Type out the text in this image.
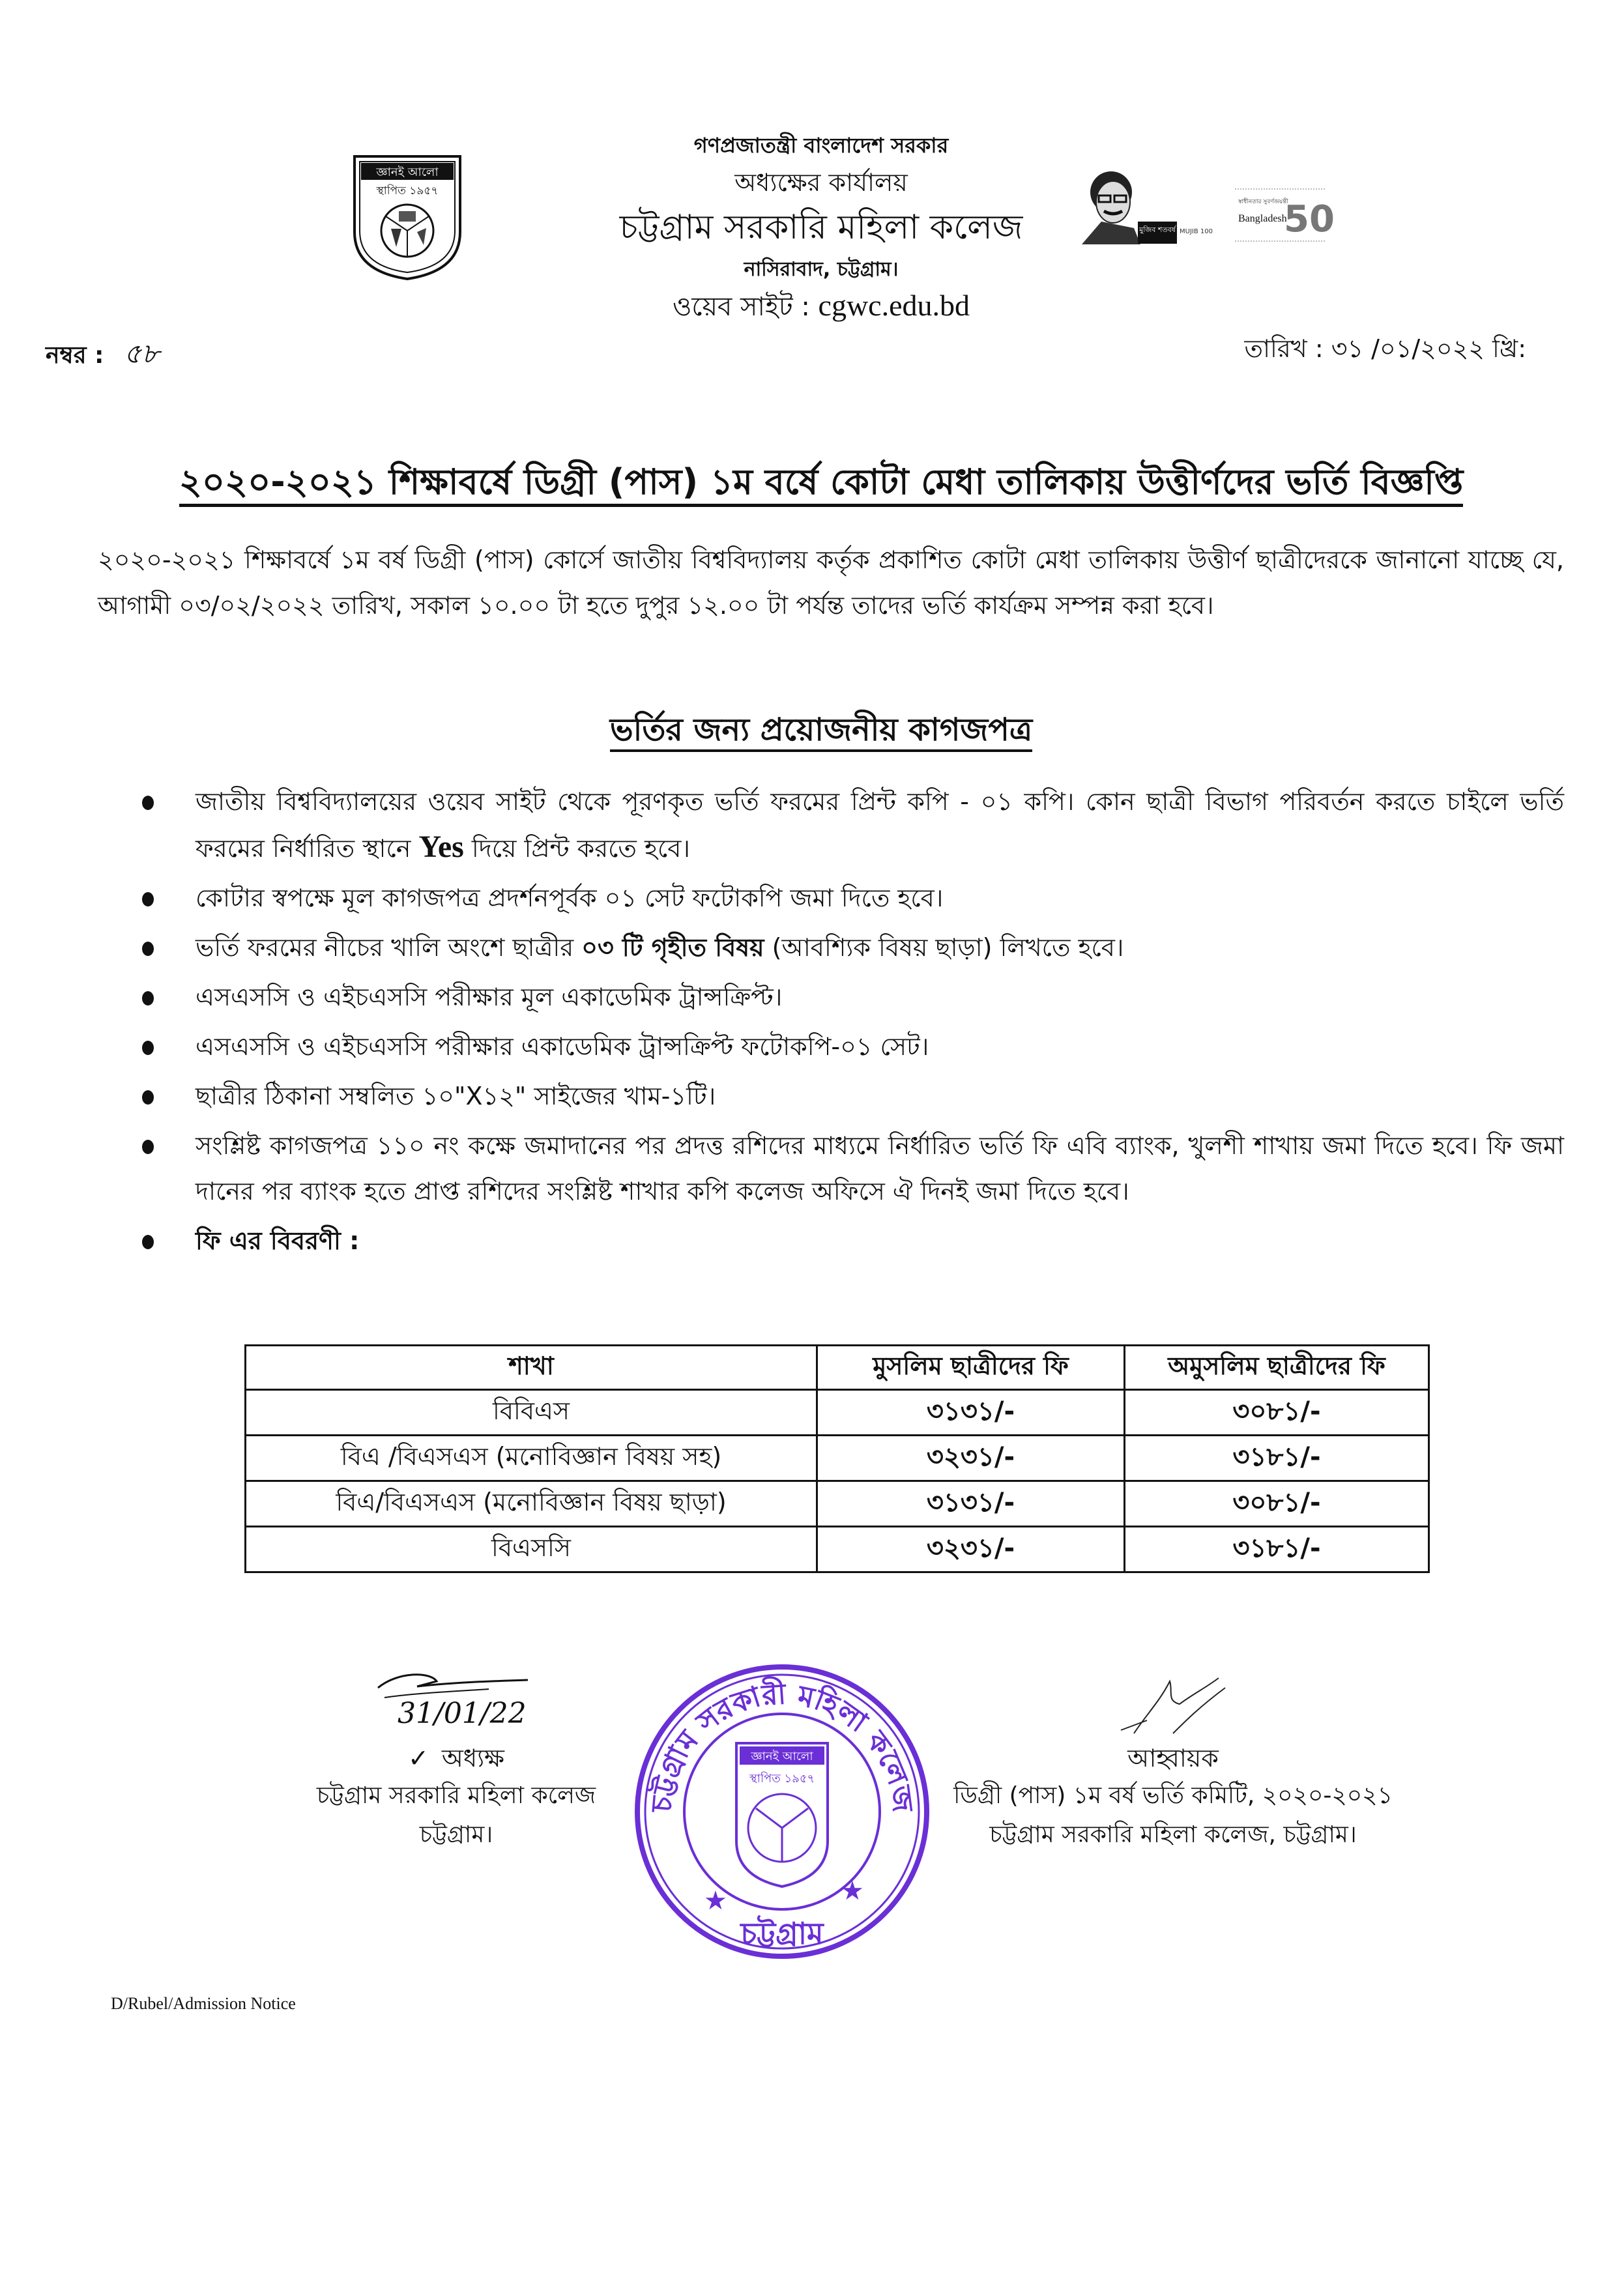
জ্ঞানই আলো
স্থাপিত ১৯৫৭
গণপ্রজাতন্ত্রী বাংলাদেশ সরকার
অধ্যক্ষের কার্যালয়
চট্টগ্রাম সরকারি মহিলা কলেজ
নাসিরাবাদ, চট্টগ্রাম।
ওয়েব সাইট : cgwc.edu.bd
মুজিব শতবর্ষ MUJIB 100
স্বাধীনতার সুবর্ণজয়ন্তী
Bangladesh
50
নম্বর : ৫৮	তারিখ : ৩১ /০১/২০২২ খ্রি:
২০২০-২০২১ শিক্ষাবর্ষে ডিগ্রী (পাস) ১ম বর্ষে কোটা মেধা তালিকায় উত্তীর্ণদের ভর্তি বিজ্ঞপ্তি
২০২০-২০২১ শিক্ষাবর্ষে ১ম বর্ষ ডিগ্রী (পাস) কোর্সে জাতীয় বিশ্ববিদ্যালয় কর্তৃক প্রকাশিত কোটা মেধা তালিকায় উত্তীর্ণ ছাত্রীদেরকে জানানো যাচ্ছে যে, আগামী ০৩/০২/২০২২ তারিখ, সকাল ১০.০০ টা হতে দুপুর ১২.০০ টা পর্যন্ত তাদের ভর্তি কার্যক্রম সম্পন্ন করা হবে।
ভর্তির জন্য প্রয়োজনীয় কাগজপত্র
জাতীয় বিশ্ববিদ্যালয়ের ওয়েব সাইট থেকে পূরণকৃত ভর্তি ফরমের প্রিন্ট কপি - ০১ কপি। কোন ছাত্রী বিভাগ পরিবর্তন করতে চাইলে ভর্তি ফরমের নির্ধারিত স্থানে Yes দিয়ে প্রিন্ট করতে হবে।
কোটার স্বপক্ষে মূল কাগজপত্র প্রদর্শনপূর্বক ০১ সেট ফটোকপি জমা দিতে হবে।
ভর্তি ফরমের নীচের খালি অংশে ছাত্রীর ০৩ টি গৃহীত বিষয় (আবশ্যিক বিষয় ছাড়া) লিখতে হবে।
এসএসসি ও এইচএসসি পরীক্ষার মূল একাডেমিক ট্রান্সক্রিপ্ট।
এসএসসি ও এইচএসসি পরীক্ষার একাডেমিক ট্রান্সক্রিপ্ট ফটোকপি-০১ সেট।
ছাত্রীর ঠিকানা সম্বলিত ১০"X১২" সাইজের খাম-১টি।
সংশ্লিষ্ট কাগজপত্র ১১০ নং কক্ষে জমাদানের পর প্রদত্ত রশিদের মাধ্যমে নির্ধারিত ভর্তি ফি এবি ব্যাংক, খুলশী শাখায় জমা দিতে হবে। ফি জমা দানের পর ব্যাংক হতে প্রাপ্ত রশিদের সংশ্লিষ্ট শাখার কপি কলেজ অফিসে ঐ দিনই জমা দিতে হবে।
ফি এর বিবরণী :
শাখা	মুসলিম ছাত্রীদের ফি	অমুসলিম ছাত্রীদের ফি
বিবিএস	৩১৩১/-	৩০৮১/-
বিএ /বিএসএস (মনোবিজ্ঞান বিষয় সহ)	৩২৩১/-	৩১৮১/-
বিএ/বিএসএস (মনোবিজ্ঞান বিষয় ছাড়া)	৩১৩১/-	৩০৮১/-
বিএসসি	৩২৩১/-	৩১৮১/-
চট্টগ্রাম সরকারী মহিলা কলেজ
চট্টগ্রাম
★	★
জ্ঞানই আলো
স্থাপিত ১৯৫৭
31/01/22
✓ অধ্যক্ষ
চট্টগ্রাম সরকারি মহিলা কলেজ
চট্টগ্রাম।
আহ্বায়ক
ডিগ্রী (পাস) ১ম বর্ষ ভর্তি কমিটি, ২০২০-২০২১
চট্টগ্রাম সরকারি মহিলা কলেজ, চট্টগ্রাম।
D/Rubel/Admission Notice
